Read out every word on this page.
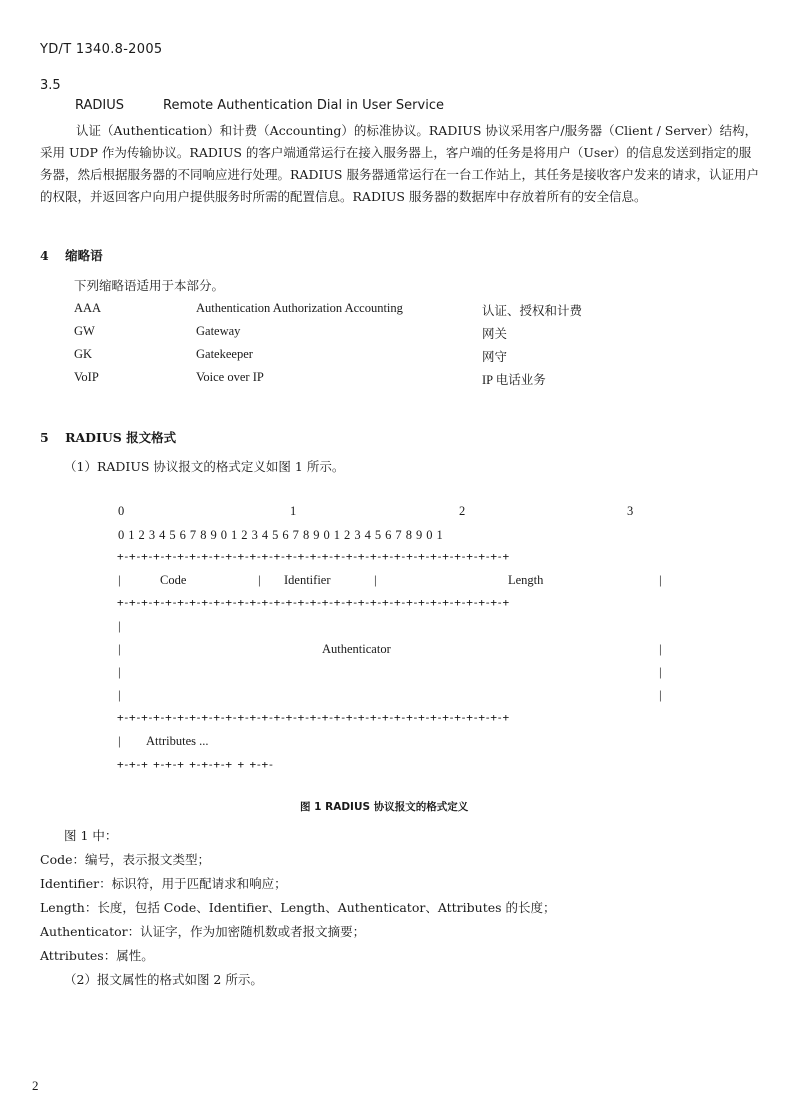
YD/T 1340.8-2005
3.5
RADIUS	Remote Authentication Dial in User Service

认证（Authentication）和计费（Accounting）的标准协议。RADIUS 协议采用客户/服务器（Client / Server）结构，采用 UDP 作为传输协议。RADIUS 的客户端通常运行在接入服务器上，客户端的任务是将用户（User）的信息发送到指定的服务器，然后根据服务器的不同响应进行处理。RADIUS 服务器通常运行在一台工作站上，其任务是接收客户发来的请求，认证用户的权限，并返回客户向用户提供服务时所需的配置信息。RADIUS 服务器的数据库中存放着所有的安全信息。

4 缩略语
下列缩略语适用于本部分。
AAA	Authentication Authorization Accounting	认证、授权和计费
GW	Gateway	网关
GK	Gatekeeper	网守
VoIP	Voice over IP	IP 电话业务
5 RADIUS 报文格式
（1）RADIUS 协议报文的格式定义如图 1 所示。
0	1	2	3
0 1 2 3 4 5 6 7 8 9 0 1 2 3 4 5 6 7 8 9 0 1 2 3 4 5 6 7 8 9 0 1
+-+-+-+-+-+-+-+-+-+-+-+-+-+-+-+-+-+-+-+-+-+-+-+-+-+-+-+-+-+-+-+-+
|	Code	| Identifier	|	Length	|
+-+-+-+-+-+-+-+-+-+-+-+-+-+-+-+-+-+-+-+-+-+-+-+-+-+-+-+-+-+-+-+-+
|
|	|
Authenticator
|	|
|	|
+-+-+-+-+-+-+-+-+-+-+-+-+-+-+-+-+-+-+-+-+-+-+-+-+-+-+-+-+-+-+-+-+
| Attributes ...
+-+-+ +-+-+ +-+-+-+ + +-+-
图 1 RADIUS 协议报文的格式定义
图 1 中：
Code：编号，表示报文类型；
Identifier：标识符，用于匹配请求和响应；
Length：长度，包括 Code、Identifier、Length、Authenticator、Attributes 的长度；
Authenticator：认证字，作为加密随机数或者报文摘要；
Attributes：属性。
（2）报文属性的格式如图 2 所示。
2
